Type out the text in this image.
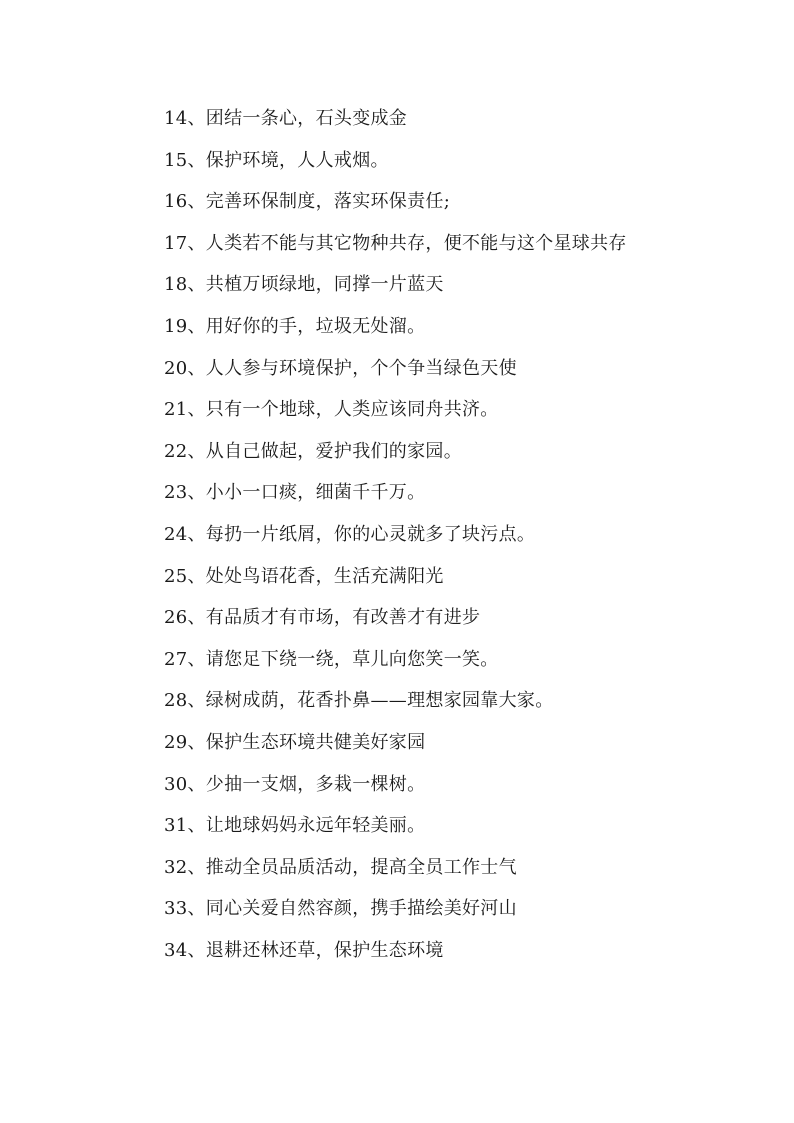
14、团结一条心，石头变成金

15、保护环境，人人戒烟。

16、完善环保制度，落实环保责任;

17、人类若不能与其它物种共存，便不能与这个星球共存

18、共植万顷绿地，同撑一片蓝天

19、用好你的手，垃圾无处溜。

20、人人参与环境保护，个个争当绿色天使

21、只有一个地球，人类应该同舟共济。

22、从自己做起，爱护我们的家园。

23、小小一口痰，细菌千千万。

24、每扔一片纸屑，你的心灵就多了块污点。

25、处处鸟语花香，生活充满阳光

26、有品质才有市场，有改善才有进步

27、请您足下绕一绕，草儿向您笑一笑。

28、绿树成荫，花香扑鼻——理想家园靠大家。

29、保护生态环境共健美好家园

30、少抽一支烟，多栽一棵树。

31、让地球妈妈永远年轻美丽。

32、推动全员品质活动，提高全员工作士气

33、同心关爱自然容颜，携手描绘美好河山

34、退耕还林还草，保护生态环境
